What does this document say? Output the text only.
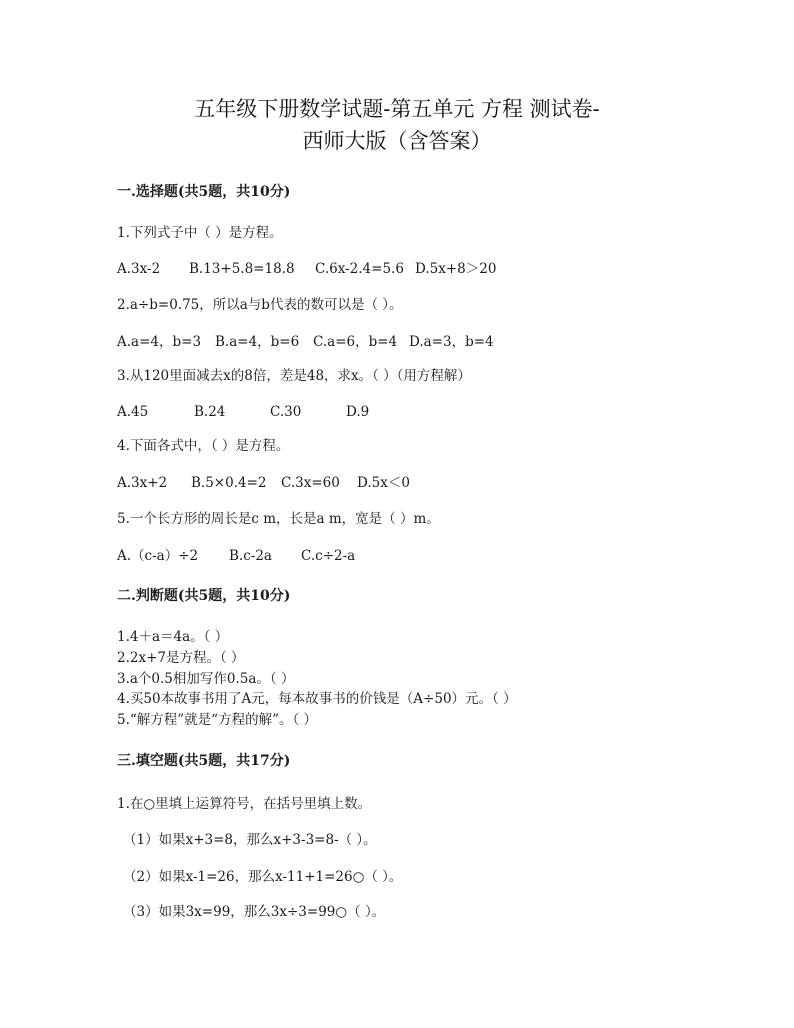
五年级下册数学试题-第五单元 方程 测试卷-
西师大版（含答案）
一.选择题(共5题，共10分)
1.下列式子中（ ）是方程。
A.3x-2 B.13+5.8=18.8 C.6x-2.4=5.6 D.5x+8＞20
2.a÷b=0.75，所以a与b代表的数可以是（ ）。
A.a=4，b=3 B.a=4，b=6 C.a=6，b=4 D.a=3，b=4
3.从120里面减去x的8倍，差是48，求x。（ ）（用方程解）
A.45	B.24	C.30	D.9
4.下面各式中，（ ）是方程。
A.3x+2 B.5×0.4=2 C.3x=60 D.5x＜0
5.一个长方形的周长是c m，长是a m，宽是（ ）m。
A.（c-a）÷2 B.c-2a C.c÷2-a
二.判断题(共5题，共10分)
1.4＋a＝4a。（ ）
2.2x+7是方程。（ ）
3.a个0.5相加写作0.5a。（ ）
4.买50本故事书用了A元，每本故事书的价钱是（A÷50）元。（ ）
5.“解方程”就是“方程的解”。（ ）
三.填空题(共5题，共17分)
1.在○里填上运算符号，在括号里填上数。
（1）如果x+3=8，那么x+3-3=8-（ ）。
（2）如果x-1=26，那么x-11+1=26○（ ）。
（3）如果3x=99，那么3x÷3=99○（ ）。
